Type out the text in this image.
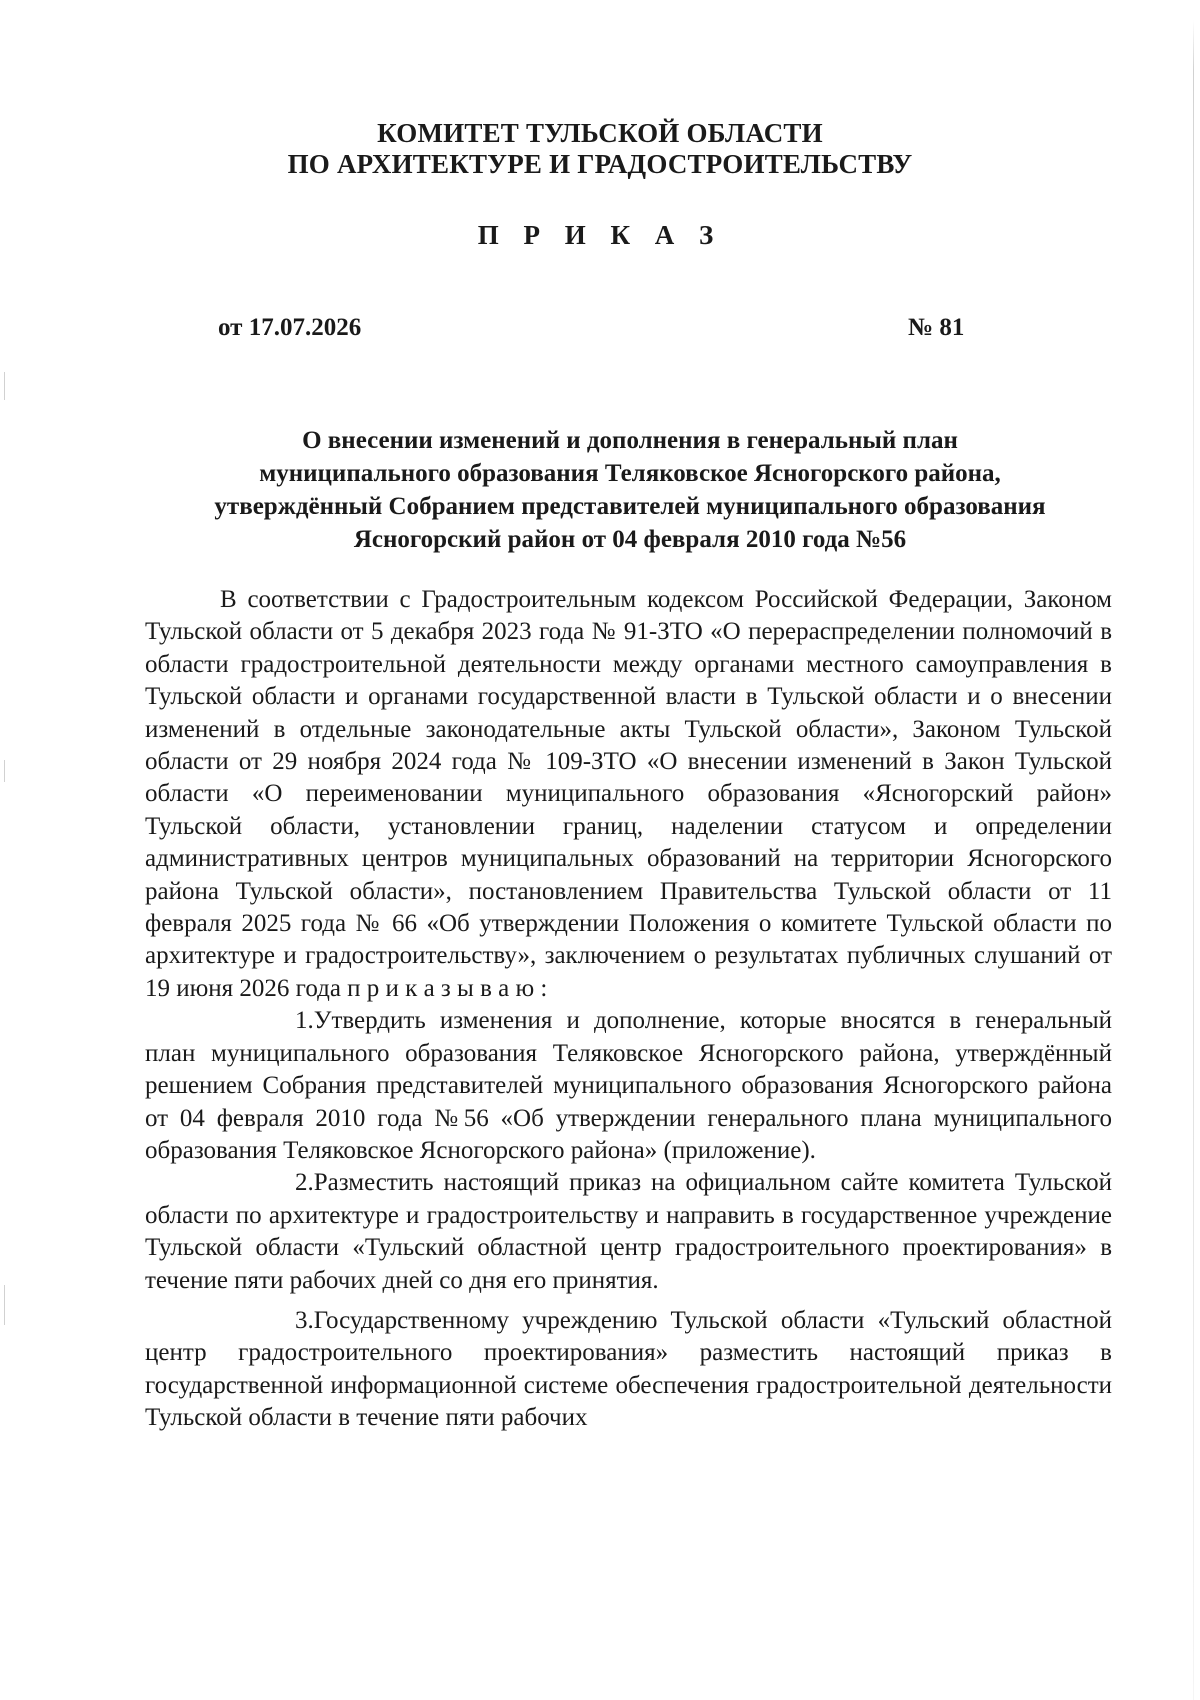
КОМИТЕТ ТУЛЬСКОЙ ОБЛАСТИ
ПО АРХИТЕКТУРЕ И ГРАДОСТРОИТЕЛЬСТВУ
П Р И К А З
от 17.07.2026	№ 81
О внесении изменений и дополнения в генеральный план
муниципального образования Теляковское Ясногорского района,
утверждённый Собранием представителей муниципального образования
Ясногорский район от 04 февраля 2010 года №56

В соответствии с Градостроительным кодексом Российской Федерации, Законом Тульской области от 5 декабря 2023 года № 91-ЗТО «О перераспределении полномочий в области градостроительной деятельности между органами местного самоуправления в Тульской области и органами государственной власти в Тульской области и о внесении изменений в отдельные законодательные акты Тульской области», Законом Тульской области от 29 ноября 2024 года № 109-ЗТО «О внесении изменений в Закон Тульской области «О переименовании муниципального образования «Ясногорский район» Тульской области, установлении границ, наделении статусом и определении административных центров муниципальных образований на территории Ясногорского района Тульской области», постановлением Правительства Тульской области от 11 февраля 2025 года № 66 «Об утверждении Положения о комитете Тульской области по архитектуре и градостроительству», заключением о результатах публичных слушаний от 19 июня 2026 года п р и к а з ы в а ю :

1.Утвердить изменения и дополнение, которые вносятся в генеральный план муниципального образования Теляковское Ясногорского района, утверждённый решением Собрания представителей муниципального образования Ясногорского района от 04 февраля 2010 года №56 «Об утверждении генерального плана муниципального образования Теляковское Ясногорского района» (приложение).

2.Разместить настоящий приказ на официальном сайте комитета Тульской области по архитектуре и градостроительству и направить в государственное учреждение Тульской области «Тульский областной центр градостроительного проектирования» в течение пяти рабочих дней со дня его принятия.

3.Государственному учреждению Тульской области «Тульский областной центр градостроительного проектирования» разместить настоящий приказ в государственной информационной системе обеспечения градостроительной деятельности Тульской области в течение пяти рабочих
